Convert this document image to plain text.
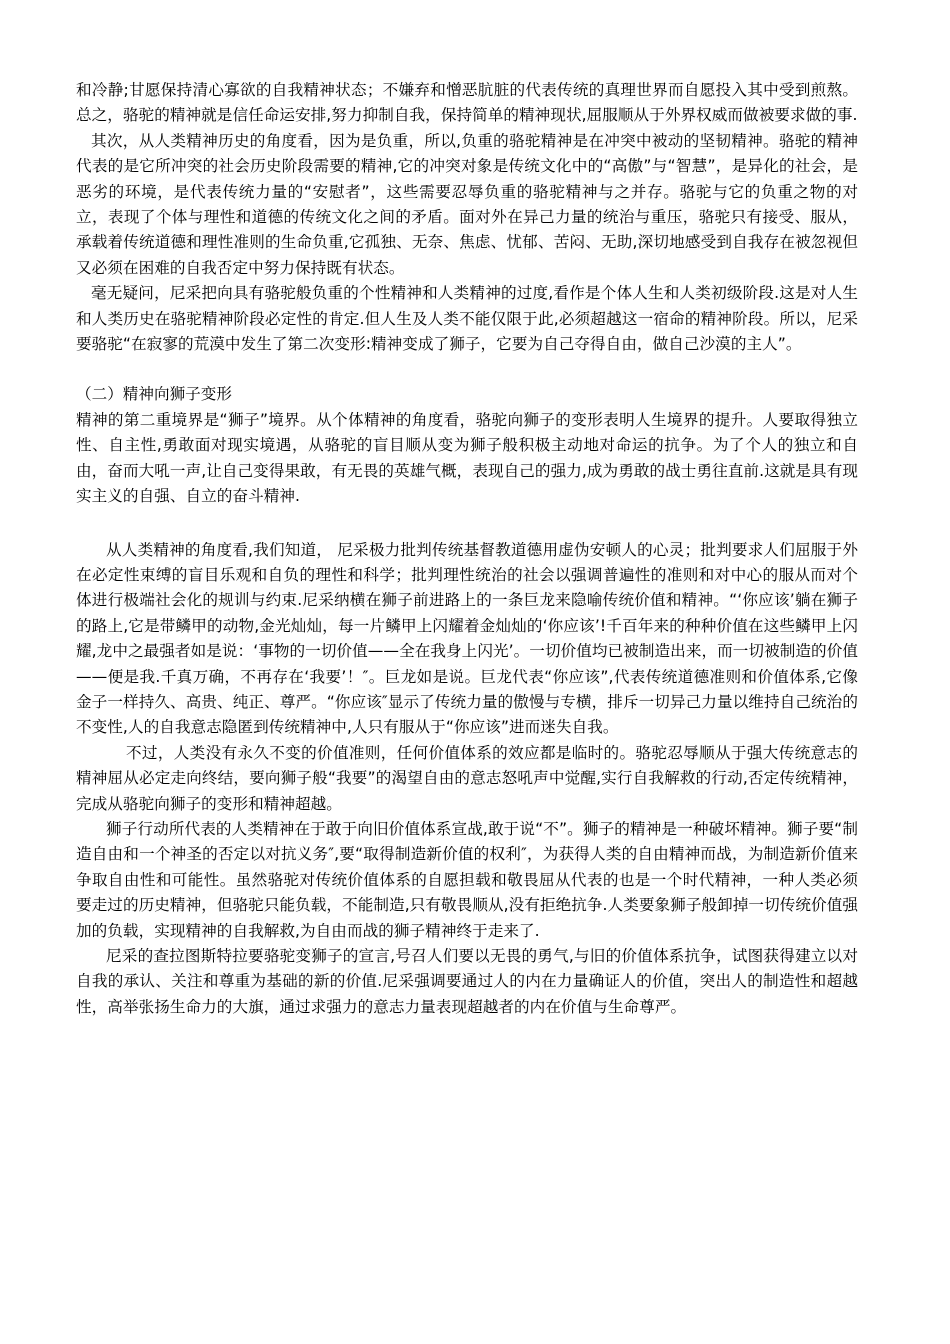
和冷静;甘愿保持清心寡欲的自我精神状态；不嫌弃和憎恶肮脏的代表传统的真理世界而自愿投入其中受到煎熬。总之，骆驼的精神就是信任命运安排,努力抑制自我，保持简单的精神现状,屈服顺从于外界权威而做被要求做的事.

其次，从人类精神历史的角度看，因为是负重，所以,负重的骆驼精神是在冲突中被动的坚韧精神。骆驼的精神代表的是它所冲突的社会历史阶段需要的精神,它的冲突对象是传统文化中的“高傲”与“智慧”，是异化的社会，是恶劣的环境，是代表传统力量的“安慰者”，这些需要忍辱负重的骆驼精神与之并存。骆驼与它的负重之物的对立，表现了个体与理性和道德的传统文化之间的矛盾。面对外在异己力量的统治与重压，骆驼只有接受、服从，承载着传统道德和理性准则的生命负重,它孤独、无奈、焦虑、忧郁、苦闷、无助,深切地感受到自我存在被忽视但又必须在困难的自我否定中努力保持既有状态。

毫无疑问，尼采把向具有骆驼般负重的个性精神和人类精神的过度,看作是个体人生和人类初级阶段.这是对人生和人类历史在骆驼精神阶段必定性的肯定.但人生及人类不能仅限于此,必须超越这一宿命的精神阶段。所以，尼采要骆驼“在寂寥的荒漠中发生了第二次变形:精神变成了狮子，它要为自己夺得自由，做自己沙漠的主人”。

（二）精神向狮子变形

精神的第二重境界是“狮子”境界。从个体精神的角度看，骆驼向狮子的变形表明人生境界的提升。人要取得独立性、自主性,勇敢面对现实境遇，从骆驼的盲目顺从变为狮子般积极主动地对命运的抗争。为了个人的独立和自由，奋而大吼一声,让自己变得果敢，有无畏的英雄气概，表现自己的强力,成为勇敢的战士勇往直前.这就是具有现实主义的自强、自立的奋斗精神.

从人类精神的角度看,我们知道， 尼采极力批判传统基督教道德用虚伪安顿人的心灵；批判要求人们屈服于外在必定性束缚的盲目乐观和自负的理性和科学；批判理性统治的社会以强调普遍性的准则和对中心的服从而对个体进行极端社会化的规训与约束.尼采纳横在狮子前进路上的一条巨龙来隐喻传统价值和精神。“‘你应该’躺在狮子的路上,它是带鳞甲的动物,金光灿灿，每一片鳞甲上闪耀着金灿灿的‘你应该’!千百年来的种种价值在这些鳞甲上闪耀,龙中之最强者如是说：‘事物的一切价值——全在我身上闪光’。一切价值均已被制造出来，而一切被制造的价值——便是我.千真万确，不再存在‘我要’！″。巨龙如是说。巨龙代表“你应该”,代表传统道德准则和价值体系,它像金子一样持久、高贵、纯正、尊严。“你应该″显示了传统力量的傲慢与专横，排斥一切异己力量以维持自己统治的不变性,人的自我意志隐匿到传统精神中,人只有服从于“你应该”进而迷失自我。

不过，人类没有永久不变的价值准则，任何价值体系的效应都是临时的。骆驼忍辱顺从于强大传统意志的精神屈从必定走向终结，要向狮子般“我要”的渴望自由的意志怒吼声中觉醒,实行自我解救的行动,否定传统精神，完成从骆驼向狮子的变形和精神超越。

狮子行动所代表的人类精神在于敢于向旧价值体系宣战,敢于说“不”。狮子的精神是一种破坏精神。狮子要“制造自由和一个神圣的否定以对抗义务″,要“取得制造新价值的权利″，为获得人类的自由精神而战，为制造新价值来争取自由性和可能性。虽然骆驼对传统价值体系的自愿担载和敬畏屈从代表的也是一个时代精神，一种人类必须要走过的历史精神，但骆驼只能负载，不能制造,只有敬畏顺从,没有拒绝抗争.人类要象狮子般卸掉一切传统价值强加的负载，实现精神的自我解救,为自由而战的狮子精神终于走来了.

尼采的查拉图斯特拉要骆驼变狮子的宣言,号召人们要以无畏的勇气,与旧的价值体系抗争，试图获得建立以对自我的承认、关注和尊重为基础的新的价值.尼采强调要通过人的内在力量确证人的价值，突出人的制造性和超越性，高举张扬生命力的大旗，通过求强力的意志力量表现超越者的内在价值与生命尊严。
